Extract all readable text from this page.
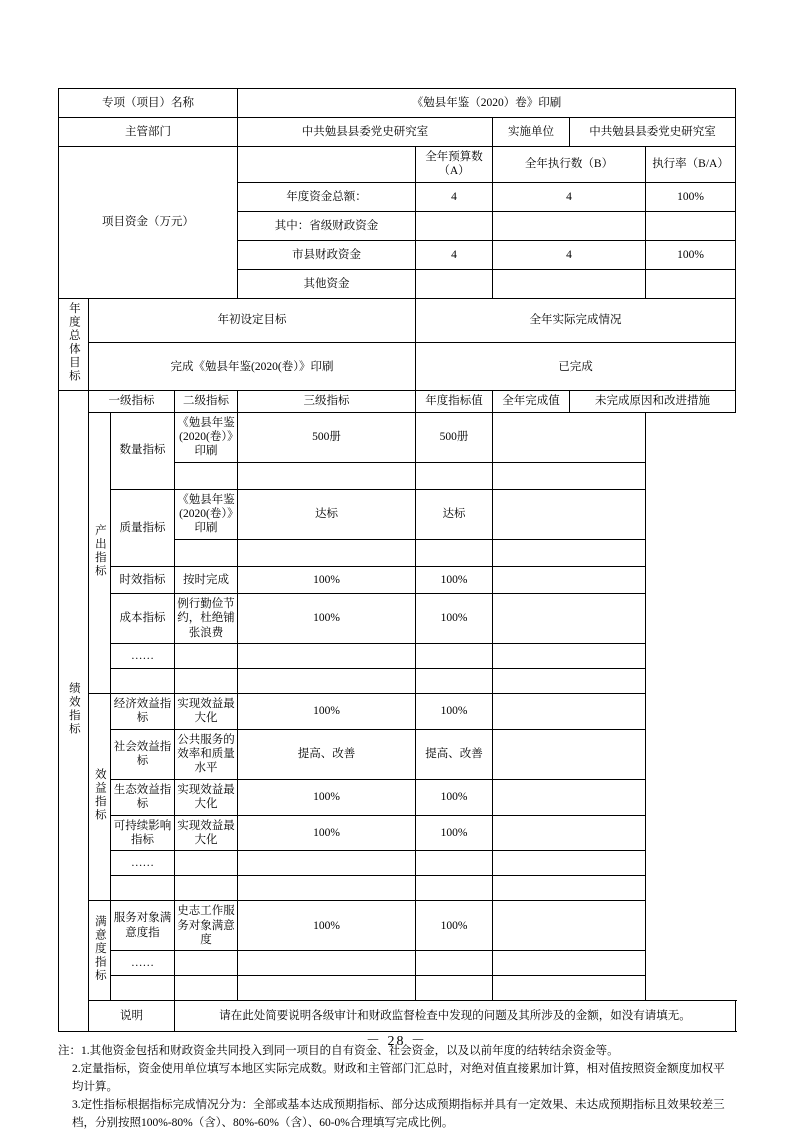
专项（项目）名称				《勉县年鉴（2020）卷》印刷				
主管部门				中共勉县县委党史研究室		实施单位	中共勉县县委党史研究室	
项目资金（万元）					全年预算数（A）	全年执行数（B）		执行率（B/A）
				年度资金总额：	4	4		100%
				其中：省级财政资金				
				市县财政资金	4	4		100%
				其他资金				
年度总体目标	年初设定目标				全年实际完成情况			
	完成《勉县年鉴(2020(卷）》印刷				已完成			
绩效指标	一级指标		二级指标	三级指标	年度指标值	全年完成值	未完成原因和改进措施	
	产出指标	数量指标	《勉县年鉴(2020(卷）》印刷	500册	500册			

		质量指标	《勉县年鉴(2020(卷）》印刷	达标	达标			

		时效指标	按时完成	100%	100%			
		成本指标	例行勤俭节约，杜绝铺张浪费	100%	100%			
		……						

	效益指标	经济效益指标	实现效益最大化	100%	100%			
		社会效益指标	公共服务的效率和质量水平	提高、改善	提高、改善			
		生态效益指标	实现效益最大化	100%	100%			
		可持续影响指标	实现效益最大化	100%	100%			
		……						

	满意度指标	服务对象满意度指	史志工作服务对象满意度	100%	100%			
		……						

	说明		请在此处简要说明各级审计和财政监督检查中发现的问题及其所涉及的金额，如没有请填无。					

注：1.其他资金包括和财政资金共同投入到同一项目的自有资金、社会资金，以及以前年度的结转结余资金等。

2.定量指标，资金使用单位填写本地区实际完成数。财政和主管部门汇总时，对绝对值直接累加计算，相对值按照资金额度加权平均计算。

3.定性指标根据指标完成情况分为：全部或基本达成预期指标、部分达成预期指标并具有一定效果、未达成预期指标且效果较差三档，分别按照100%-80%（含）、80%-60%（含）、60-0%合理填写完成比例。

－ 28 －
